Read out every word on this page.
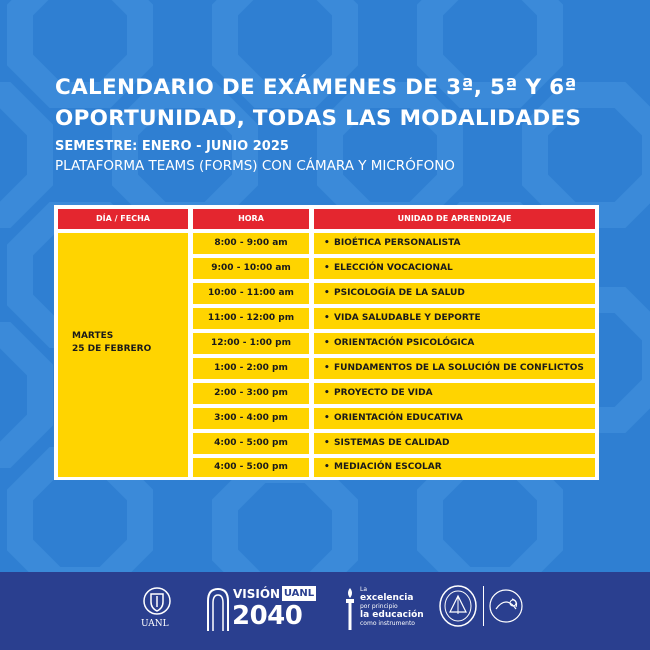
CALENDARIO DE EXÁMENES DE 3ª, 5ª Y 6ª
OPORTUNIDAD, TODAS LAS MODALIDADES
SEMESTRE: ENERO - JUNIO 2025
PLATAFORMA TEAMS (FORMS) CON CÁMARA Y MICRÓFONO
DÍA / FECHA	HORA	UNIDAD DE APRENDIZAJE
MARTES
25 DE FEBRERO
8:00 - 9:00 am	• BIOÉTICA PERSONALISTA
9:00 - 10:00 am	• ELECCIÓN VOCACIONAL
10:00 - 11:00 am	• PSICOLOGÍA DE LA SALUD
11:00 - 12:00 pm	• VIDA SALUDABLE Y DEPORTE
12:00 - 1:00 pm	• ORIENTACIÓN PSICOLÓGICA
1:00 - 2:00 pm	• FUNDAMENTOS DE LA SOLUCIÓN DE CONFLICTOS
2:00 - 3:00 pm	• PROYECTO DE VIDA
3:00 - 4:00 pm	• ORIENTACIÓN EDUCATIVA
4:00 - 5:00 pm	• SISTEMAS DE CALIDAD
4:00 - 5:00 pm	• MEDIACIÓN ESCOLAR
UANL
VISIÓN UANL
2040
La
excelencia
por principio
la educación
como instrumento
